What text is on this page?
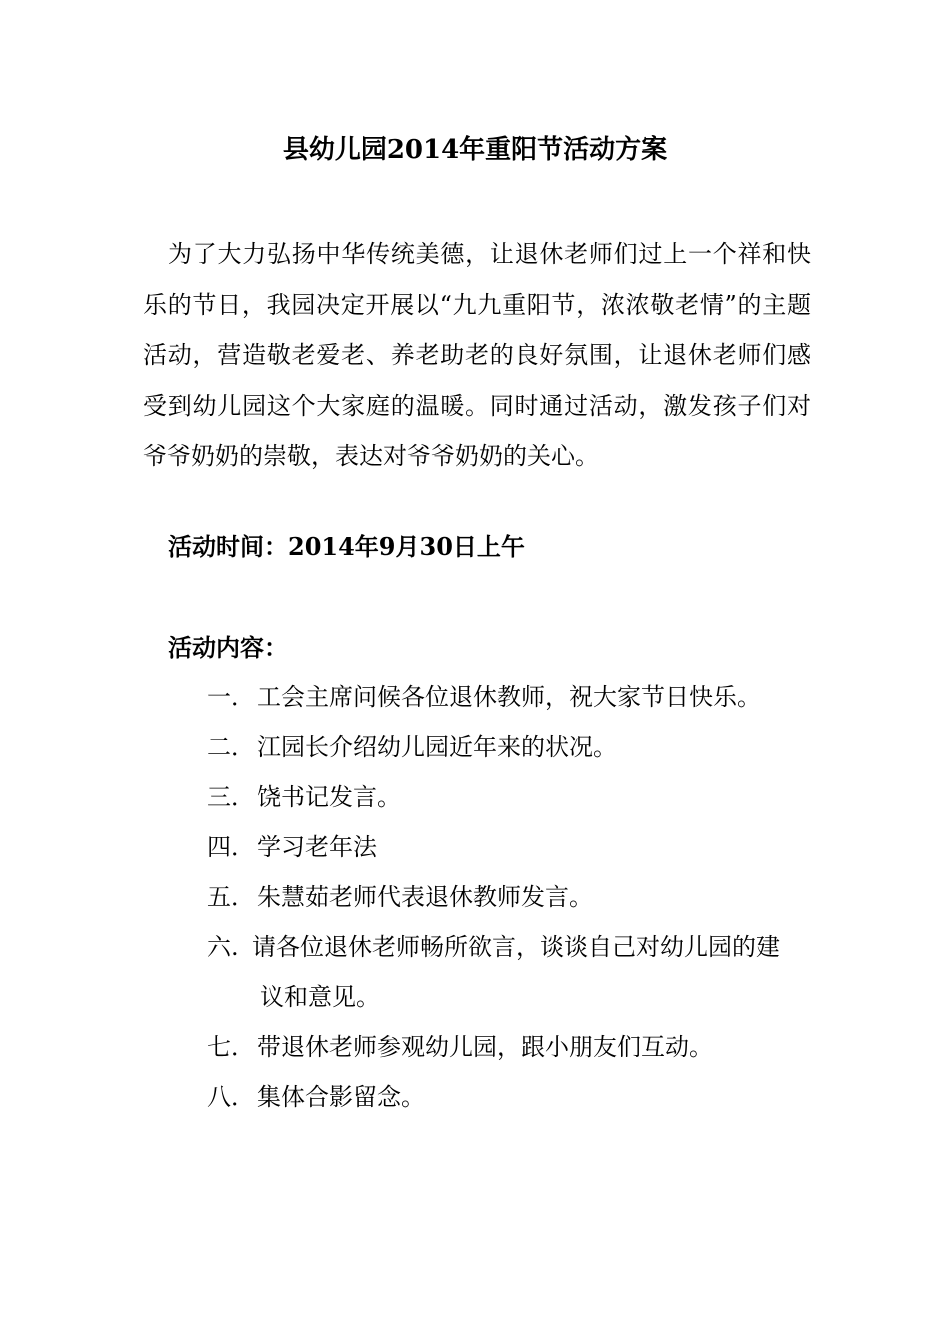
县幼儿园2014年重阳节活动方案

为了大力弘扬中华传统美德，让退休老师们过上一个祥和快乐的节日，我园决定开展以“九九重阳节，浓浓敬老情”的主题活动，营造敬老爱老、养老助老的良好氛围，让退休老师们感受到幼儿园这个大家庭的温暖。同时通过活动，激发孩子们对爷爷奶奶的崇敬，表达对爷爷奶奶的关心。

活动时间：2014年9月30日上午
活动内容：
一．工会主席问候各位退休教师，祝大家节日快乐。
二．江园长介绍幼儿园近年来的状况。
三．饶书记发言。
四．学习老年法
五．朱慧茹老师代表退休教师发言。
六. 请各位退休老师畅所欲言，谈谈自己对幼儿园的建
议和意见。
七．带退休老师参观幼儿园，跟小朋友们互动。
八．集体合影留念。
